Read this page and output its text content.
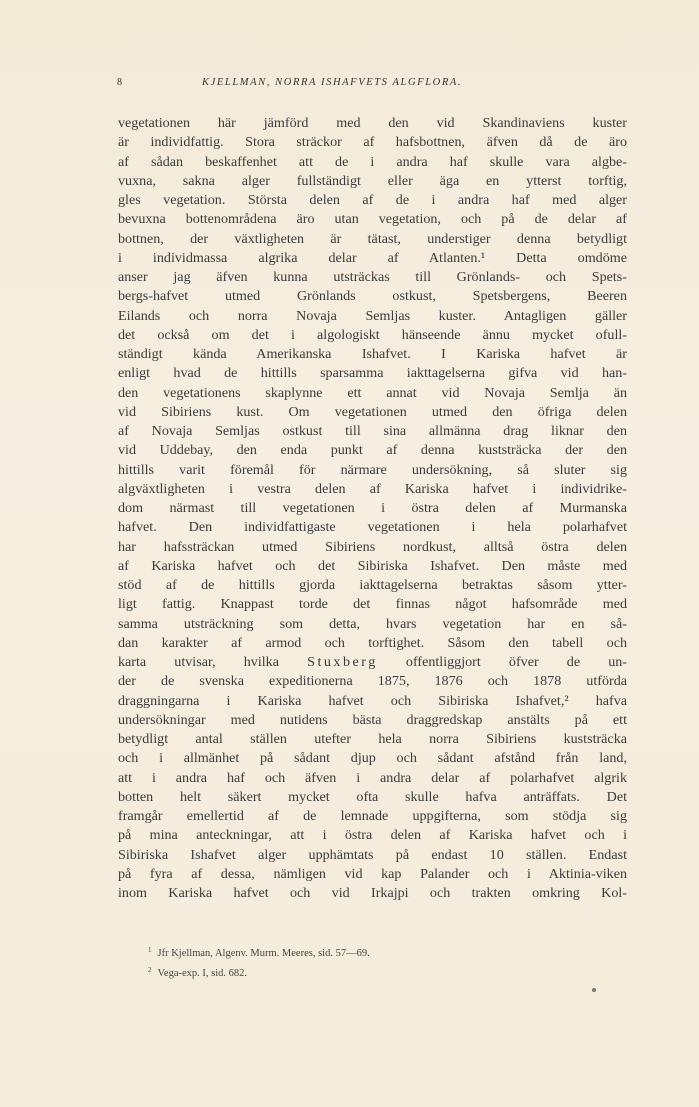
8	KJELLMAN, NORRA ISHAFVETS ALGFLORA.
vegetationen här jämförd med den vid Skandinaviens kuster
är individfattig. Stora sträckor af hafsbottnen, äfven då de äro
af sådan beskaffenhet att de i andra haf skulle vara algbe-
vuxna, sakna alger fullständigt eller äga en ytterst torftig,
gles vegetation. Största delen af de i andra haf med alger
bevuxna bottenområdena äro utan vegetation, och på de delar af
bottnen, der växtligheten är tätast, understiger denna betydligt
i individmassa algrika delar af Atlanten.¹ Detta omdöme
anser jag äfven kunna utsträckas till Grönlands- och Spets-
bergs-hafvet utmed Grönlands ostkust, Spetsbergens, Beeren
Eilands och norra Novaja Semljas kuster. Antagligen gäller
det också om det i algologiskt hänseende ännu mycket ofull-
ständigt kända Amerikanska Ishafvet. I Kariska hafvet är
enligt hvad de hittills sparsamma iakttagelserna gifva vid han-
den vegetationens skaplynne ett annat vid Novaja Semlja än
vid Sibiriens kust. Om vegetationen utmed den öfriga delen
af Novaja Semljas ostkust till sina allmänna drag liknar den
vid Uddebay, den enda punkt af denna kuststräcka der den
hittills varit föremål för närmare undersökning, så sluter sig
algväxtligheten i vestra delen af Kariska hafvet i individrike-
dom närmast till vegetationen i östra delen af Murmanska
hafvet. Den individfattigaste vegetationen i hela polarhafvet
har hafssträckan utmed Sibiriens nordkust, alltså östra delen
af Kariska hafvet och det Sibiriska Ishafvet. Den måste med
stöd af de hittills gjorda iakttagelserna betraktas såsom ytter-
ligt fattig. Knappast torde det finnas något hafsområde med
samma utsträckning som detta, hvars vegetation har en så-
dan karakter af armod och torftighet. Såsom den tabell och
karta utvisar, hvilka Stuxberg offentliggjort öfver de un-
der de svenska expeditionerna 1875, 1876 och 1878 utförda
draggningarna i Kariska hafvet och Sibiriska Ishafvet,² hafva
undersökningar med nutidens bästa draggredskap anstälts på ett
betydligt antal ställen utefter hela norra Sibiriens kuststräcka
och i allmänhet på sådant djup och sådant afstånd från land,
att i andra haf och äfven i andra delar af polarhafvet algrik
botten helt säkert mycket ofta skulle hafva anträffats. Det
framgår emellertid af de lemnade uppgifterna, som stödja sig
på mina anteckningar, att i östra delen af Kariska hafvet och i
Sibiriska Ishafvet alger upphämtats på endast 10 ställen. Endast
på fyra af dessa, nämligen vid kap Palander och i Aktinia-viken
inom Kariska hafvet och vid Irkajpi och trakten omkring Kol-
$^1$ Jfr Kjellman, Algenv. Murm. Meeres, sid. 57—69.
$^2$ Vega-exp. I, sid. 682.
